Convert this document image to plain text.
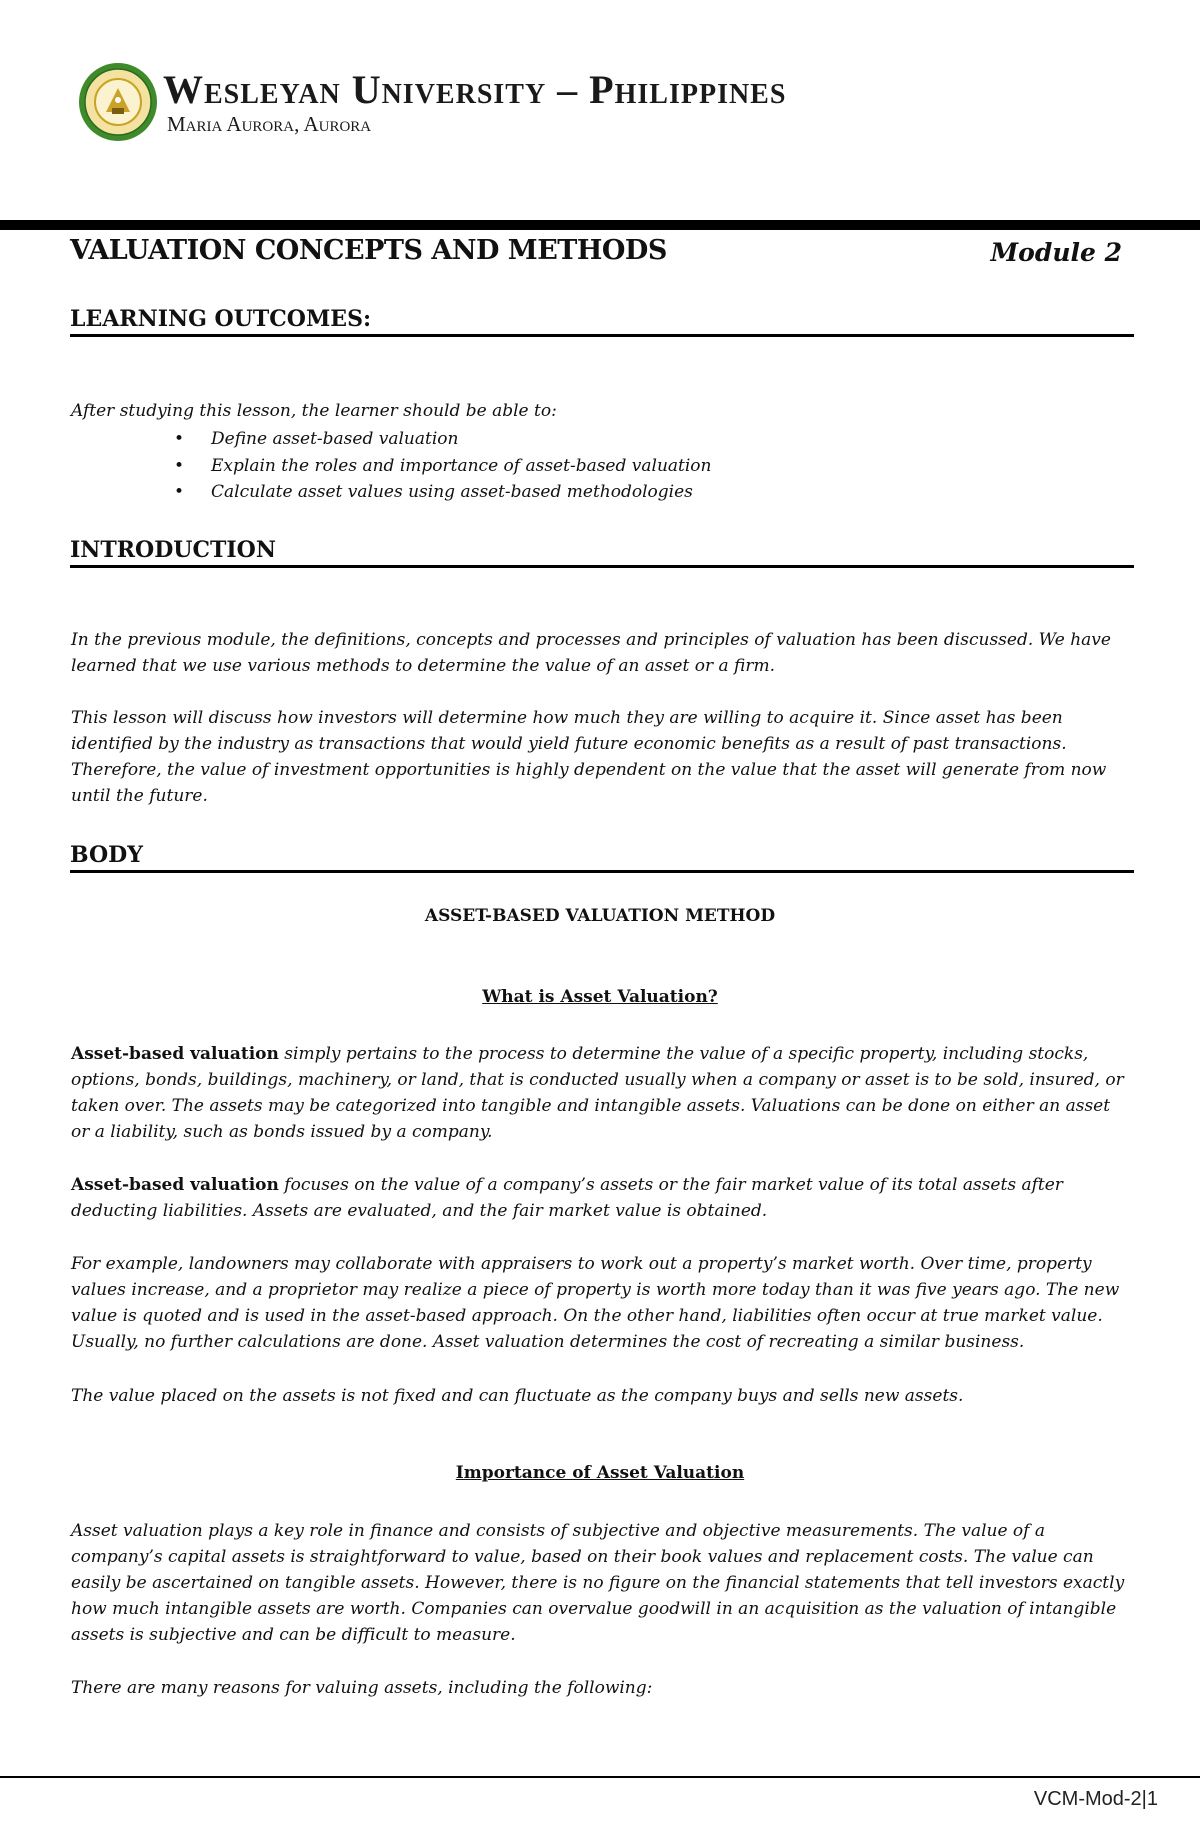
Wesleyan University – Philippines
Maria Aurora, Aurora
VALUATION CONCEPTS AND METHODS	Module 2
LEARNING OUTCOMES:
After studying this lesson, the learner should be able to:
• Define asset-based valuation
• Explain the roles and importance of asset-based valuation
• Calculate asset values using asset-based methodologies
INTRODUCTION
In the previous module, the definitions, concepts and processes and principles of valuation has been discussed. We have learned that we use various methods to determine the value of an asset or a firm.
This lesson will discuss how investors will determine how much they are willing to acquire it. Since asset has been identified by the industry as transactions that would yield future economic benefits as a result of past transactions. Therefore, the value of investment opportunities is highly dependent on the value that the asset will generate from now until the future.
BODY
ASSET-BASED VALUATION METHOD
What is Asset Valuation?
Asset-based valuation simply pertains to the process to determine the value of a specific property, including stocks, options, bonds, buildings, machinery, or land, that is conducted usually when a company or asset is to be sold, insured, or taken over. The assets may be categorized into tangible and intangible assets. Valuations can be done on either an asset or a liability, such as bonds issued by a company.
Asset-based valuation focuses on the value of a company’s assets or the fair market value of its total assets after deducting liabilities. Assets are evaluated, and the fair market value is obtained.
For example, landowners may collaborate with appraisers to work out a property’s market worth. Over time, property values increase, and a proprietor may realize a piece of property is worth more today than it was five years ago. The new value is quoted and is used in the asset-based approach. On the other hand, liabilities often occur at true market value. Usually, no further calculations are done. Asset valuation determines the cost of recreating a similar business.
The value placed on the assets is not fixed and can fluctuate as the company buys and sells new assets.
Importance of Asset Valuation
Asset valuation plays a key role in finance and consists of subjective and objective measurements. The value of a company’s capital assets is straightforward to value, based on their book values and replacement costs. The value can easily be ascertained on tangible assets. However, there is no figure on the financial statements that tell investors exactly how much intangible assets are worth. Companies can overvalue goodwill in an acquisition as the valuation of intangible assets is subjective and can be difficult to measure.
There are many reasons for valuing assets, including the following:
VCM-Mod-2|1
